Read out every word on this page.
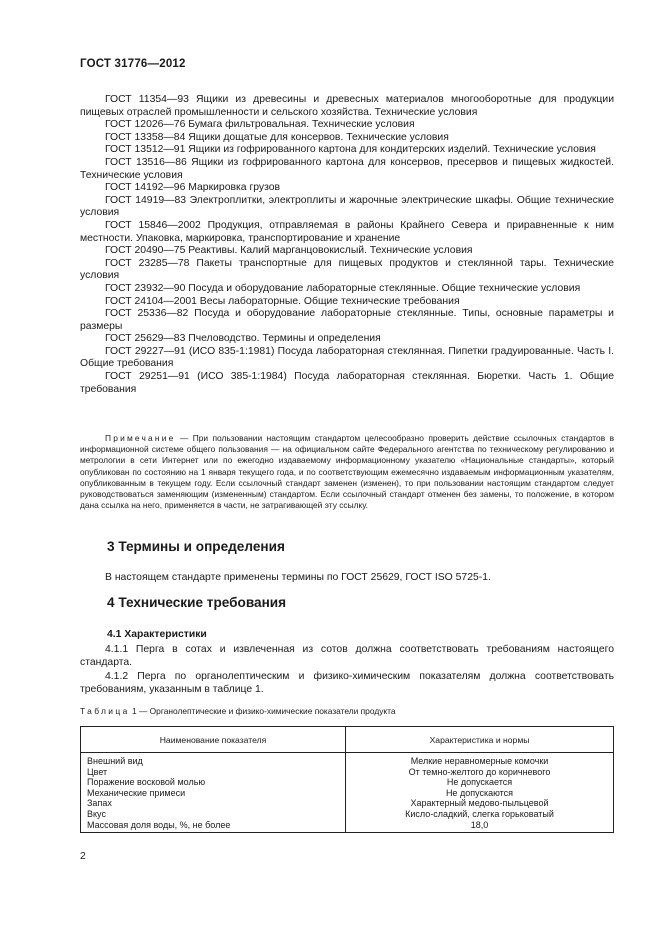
ГОСТ 31776—2012

ГОСТ 11354—93 Ящики из древесины и древесных материалов многооборотные для продукции пищевых отраслей промышленности и сельского хозяйства. Технические условия

ГОСТ 12026—76 Бумага фильтровальная. Технические условия

ГОСТ 13358—84 Ящики дощатые для консервов. Технические условия

ГОСТ 13512—91 Ящики из гофрированного картона для кондитерских изделий. Технические условия

ГОСТ 13516—86 Ящики из гофрированного картона для консервов, пресервов и пищевых жидкостей. Технические условия

ГОСТ 14192—96 Маркировка грузов

ГОСТ 14919—83 Электроплитки, электроплиты и жарочные электрические шкафы. Общие технические условия

ГОСТ 15846—2002 Продукция, отправляемая в районы Крайнего Севера и приравненные к ним местности. Упаковка, маркировка, транспортирование и хранение

ГОСТ 20490—75 Реактивы. Калий марганцовокислый. Технические условия

ГОСТ 23285—78 Пакеты транспортные для пищевых продуктов и стеклянной тары. Технические условия

ГОСТ 23932—90 Посуда и оборудование лабораторные стеклянные. Общие технические условия

ГОСТ 24104—2001 Весы лабораторные. Общие технические требования

ГОСТ 25336—82 Посуда и оборудование лабораторные стеклянные. Типы, основные параметры и размеры

ГОСТ 25629—83 Пчеловодство. Термины и определения

ГОСТ 29227—91 (ИСО 835-1:1981) Посуда лабораторная стеклянная. Пипетки градуированные. Часть I. Общие требования

ГОСТ 29251—91 (ИСО 385-1:1984) Посуда лабораторная стеклянная. Бюретки. Часть 1. Общие требования

Примечание — При пользовании настоящим стандартом целесообразно проверить действие ссылочных стандартов в информационной системе общего пользования — на официальном сайте Федерального агентства по техническому регулированию и метрологии в сети Интернет или по ежегодно издаваемому информационному указателю «Национальные стандарты», который опубликован по состоянию на 1 января текущего года, и по соответствующим ежемесячно издаваемым информационным указателям, опубликованным в текущем году. Если ссылочный стандарт заменен (изменен), то при пользовании настоящим стандартом следует руководствоваться заменяющим (измененным) стандартом. Если ссылочный стандарт отменен без замены, то положение, в котором дана ссылка на него, применяется в части, не затрагивающей эту ссылку.

3 Термины и определения

В настоящем стандарте применены термины по ГОСТ 25629, ГОСТ ISO 5725-1.

4 Технические требования

4.1 Характеристики

4.1.1 Перга в сотах и извлеченная из сотов должна соответствовать требованиям настоящего стандарта.

4.1.2 Перга по органолептическим и физико-химическим показателям должна соответствовать требованиям, указанным в таблице 1.

Таблица 1 — Органолептические и физико-химические показатели продукта
Наименование показателя	Характеристика и нормы
Внешний вид	Мелкие неравномерные комочки
Цвет	От темно-желтого до коричневого
Поражение восковой молью	Не допускается
Механические примеси	Не допускаются
Запах	Характерный медово-пыльцевой
Вкус	Кисло-сладкий, слегка горьковатый
Массовая доля воды, %, не более	18,0
2
